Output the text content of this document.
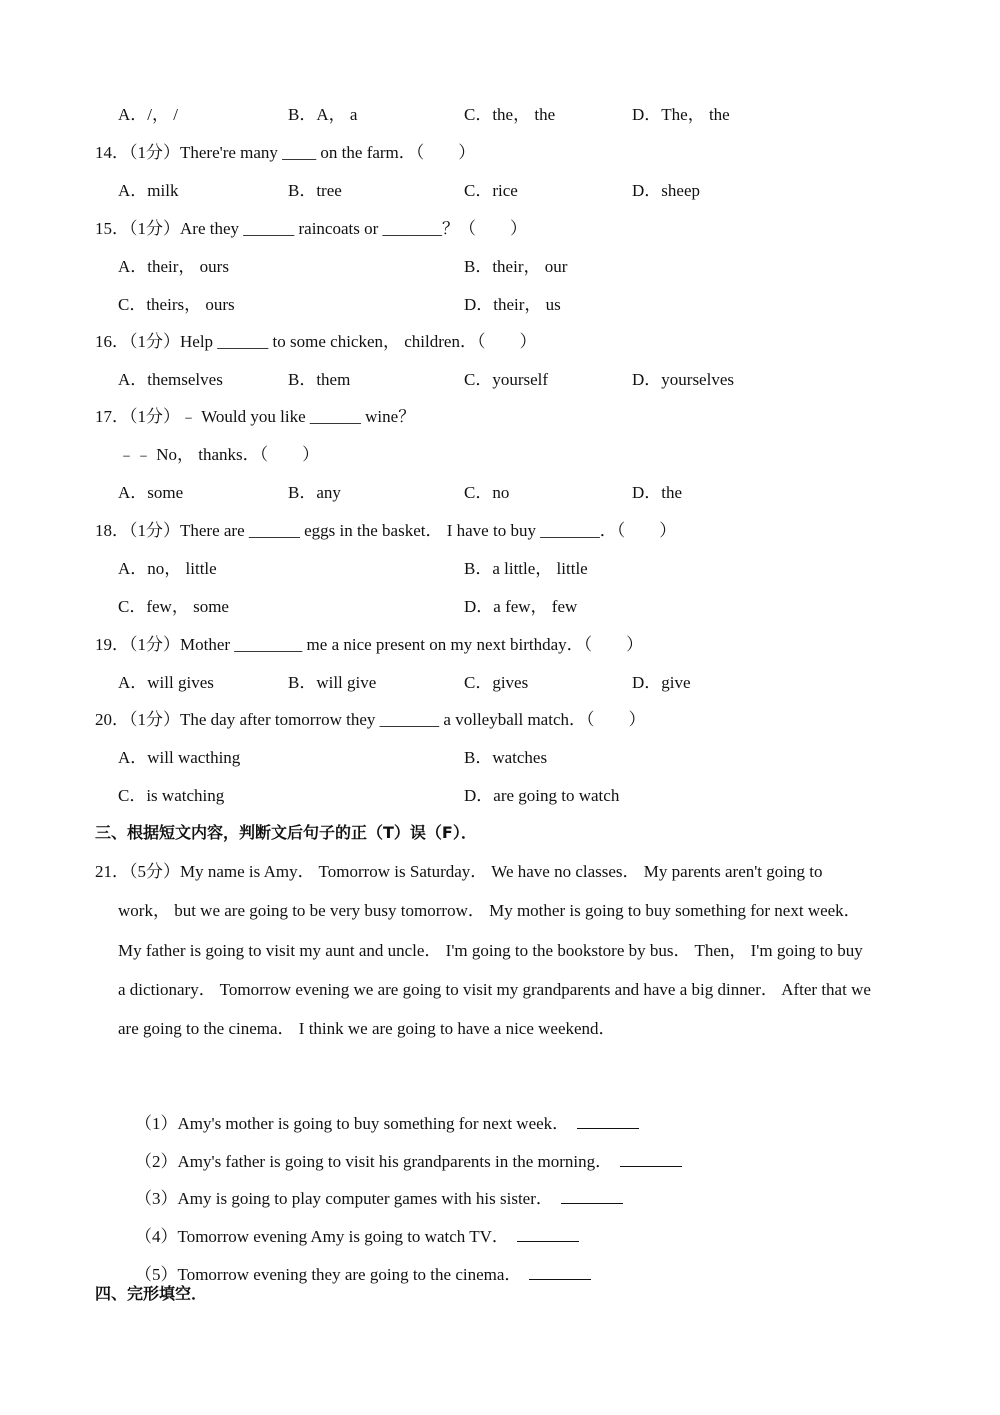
A．/， /	B．A， a	C．the， the	D．The， the
14．（1分）There're many ____ on the farm．（　　）
A．milk	B．tree	C．rice	D．sheep
15．（1分）Are they ______ raincoats or _______？（　　）
A．their， ours	B．their， our
C．theirs， ours	D．their， us
16．（1分）Help ______ to some chicken， children．（　　）
A．themselves	B．them	C．yourself	D．yourselves
17．（1分）﹣ Would you like ______ wine？
﹣﹣ No， thanks．（　　）
A．some	B．any	C．no	D．the
18．（1分）There are ______ eggs in the basket． I have to buy _______．（　　）
A．no， little	B．a little， little
C．few， some	D．a few， few
19．（1分）Mother ________ me a nice present on my next birthday．（　　）
A．will gives	B．will give	C．gives	D．give
20．（1分）The day after tomorrow they _______ a volleyball match．（　　）
A．will wacthing	B．watches
C．is watching	D．are going to watch
三、根据短文内容，判断文后句子的正（T）误（F）．
21．（5分）My name is Amy． Tomorrow is Saturday． We have no classes． My parents aren't going to
work， but we are going to be very busy tomorrow． My mother is going to buy something for next week．
My father is going to visit my aunt and uncle． I'm going to the bookstore by bus． Then， I'm going to buy
a dictionary． Tomorrow evening we are going to visit my grandparents and have a big dinner． After that we
are going to the cinema． I think we are going to have a nice weekend．

（1）Amy's mother is going to buy something for next week．

（2）Amy's father is going to visit his grandparents in the morning．

（3）Amy is going to play computer games with his sister．

（4）Tomorrow evening Amy is going to watch TV．

（5）Tomorrow evening they are going to the cinema．

四、完形填空．
